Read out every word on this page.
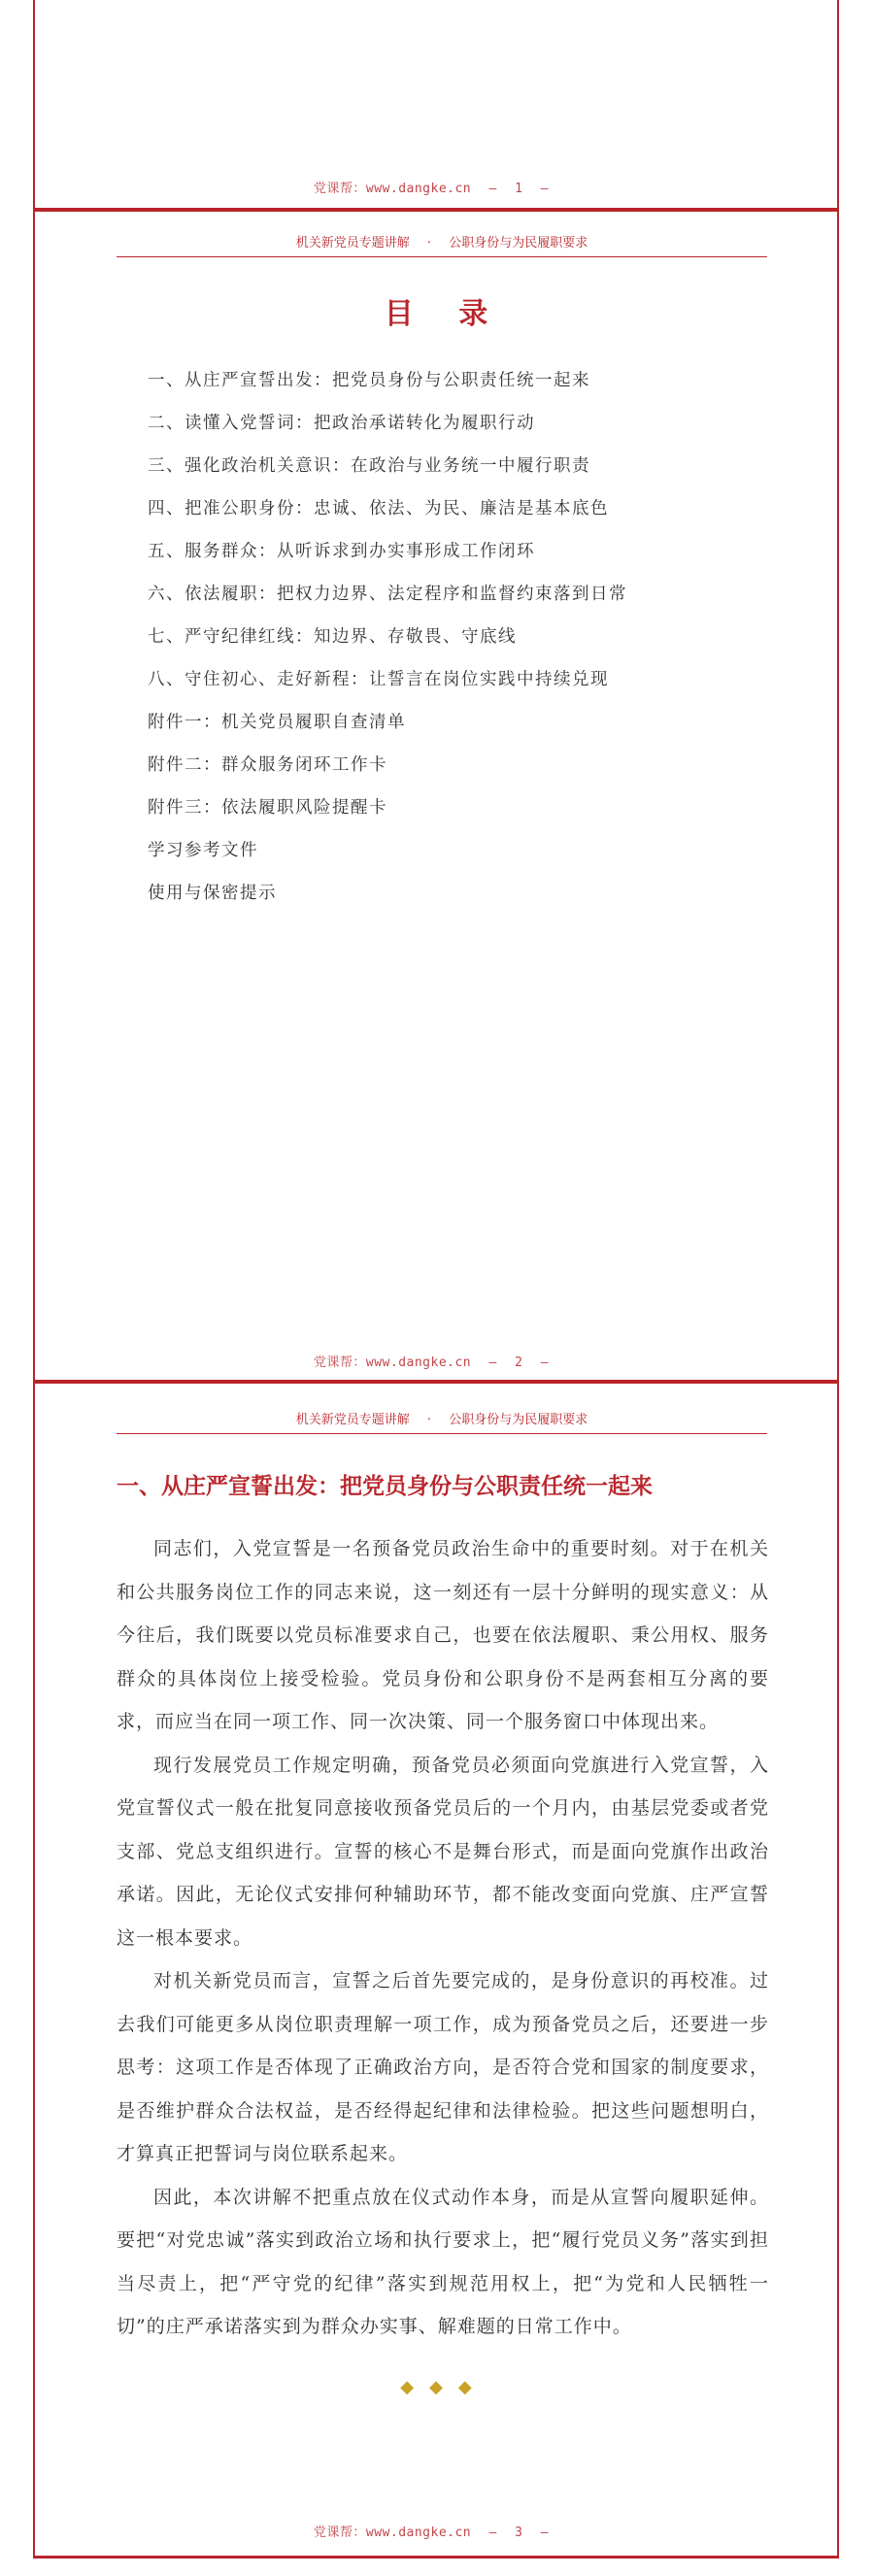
党课帮：www.dangke.cn — 1 —
机关新党员专题讲解 · 公职身份与为民履职要求
目 录
一、从庄严宣誓出发：把党员身份与公职责任统一起来
二、读懂入党誓词：把政治承诺转化为履职行动
三、强化政治机关意识：在政治与业务统一中履行职责
四、把准公职身份：忠诚、依法、为民、廉洁是基本底色
五、服务群众：从听诉求到办实事形成工作闭环
六、依法履职：把权力边界、法定程序和监督约束落到日常
七、严守纪律红线：知边界、存敬畏、守底线
八、守住初心、走好新程：让誓言在岗位实践中持续兑现
附件一：机关党员履职自查清单
附件二：群众服务闭环工作卡
附件三：依法履职风险提醒卡
学习参考文件
使用与保密提示
党课帮：www.dangke.cn — 2 —
机关新党员专题讲解 · 公职身份与为民履职要求
一、从庄严宣誓出发：把党员身份与公职责任统一起来

同志们，入党宣誓是一名预备党员政治生命中的重要时刻。对于在机关和公共服务岗位工作的同志来说，这一刻还有一层十分鲜明的现实意义：从今往后，我们既要以党员标准要求自己，也要在依法履职、秉公用权、服务群众的具体岗位上接受检验。党员身份和公职身份不是两套相互分离的要求，而应当在同一项工作、同一次决策、同一个服务窗口中体现出来。

现行发展党员工作规定明确，预备党员必须面向党旗进行入党宣誓，入党宣誓仪式一般在批复同意接收预备党员后的一个月内，由基层党委或者党支部、党总支组织进行。宣誓的核心不是舞台形式，而是面向党旗作出政治承诺。因此，无论仪式安排何种辅助环节，都不能改变面向党旗、庄严宣誓这一根本要求。

对机关新党员而言，宣誓之后首先要完成的，是身份意识的再校准。过去我们可能更多从岗位职责理解一项工作，成为预备党员之后，还要进一步思考：这项工作是否体现了正确政治方向，是否符合党和国家的制度要求，是否维护群众合法权益，是否经得起纪律和法律检验。把这些问题想明白，才算真正把誓词与岗位联系起来。

因此，本次讲解不把重点放在仪式动作本身，而是从宣誓向履职延伸。要把“对党忠诚”落实到政治立场和执行要求上，把“履行党员义务”落实到担当尽责上，把“严守党的纪律”落实到规范用权上，把“为党和人民牺牲一切”的庄严承诺落实到为群众办实事、解难题的日常工作中。

◆◆◆
党课帮：www.dangke.cn — 3 —
